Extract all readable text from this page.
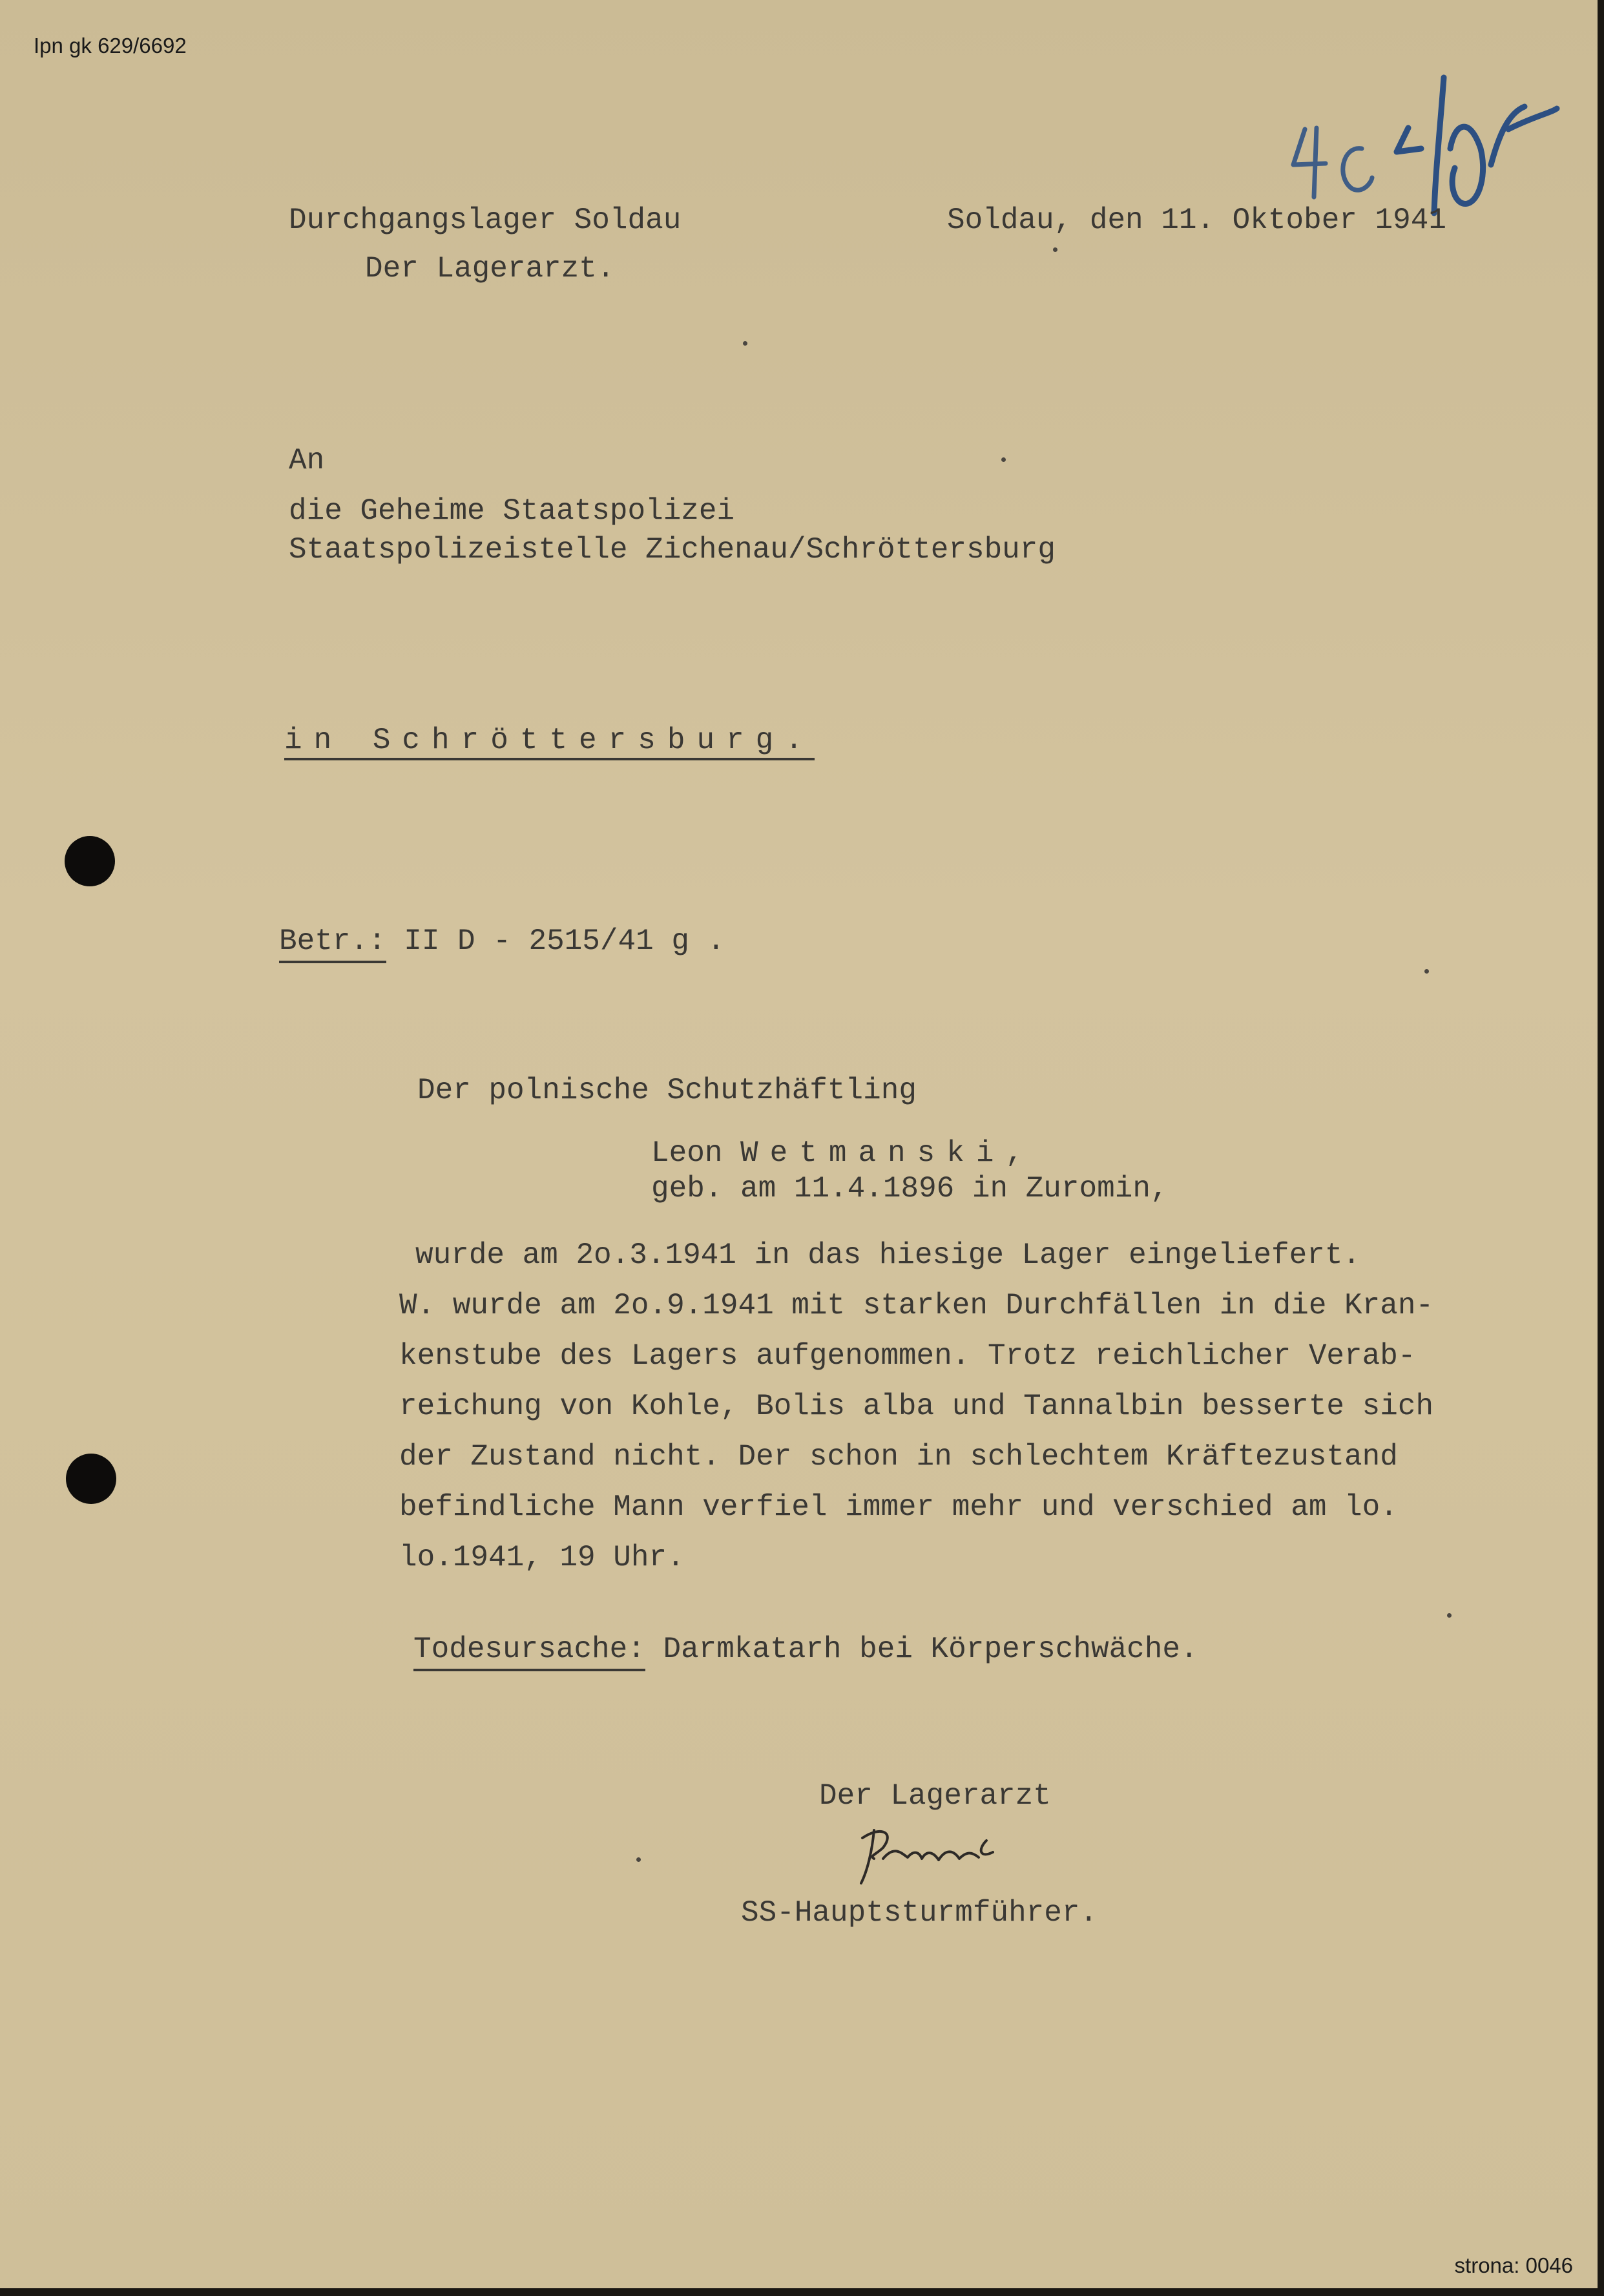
Ipn gk 629/6692
strona: 0046
Durchgangslager Soldau
Der Lagerarzt.
Soldau, den 11. Oktober 1941
An
die Geheime Staatspolizei
Staatspolizeistelle Zichenau/Schröttersburg
in Schröttersburg.
Betr.: II D - 2515/41 g .
Der polnische Schutzhäftling
Leon Wetmanski,
geb. am 11.4.1896 in Zuromin,
wurde am 2o.3.1941 in das hiesige Lager eingeliefert.
W. wurde am 2o.9.1941 mit starken Durchfällen in die Kran-
kenstube des Lagers aufgenommen. Trotz reichlicher Verab-
reichung von Kohle, Bolis alba und Tannalbin besserte sich
der Zustand nicht. Der schon in schlechtem Kräftezustand
befindliche Mann verfiel immer mehr und verschied am lo.
lo.1941, 19 Uhr.
Todesursache: Darmkatarh bei Körperschwäche.
Der Lagerarzt
SS-Hauptsturmführer.
